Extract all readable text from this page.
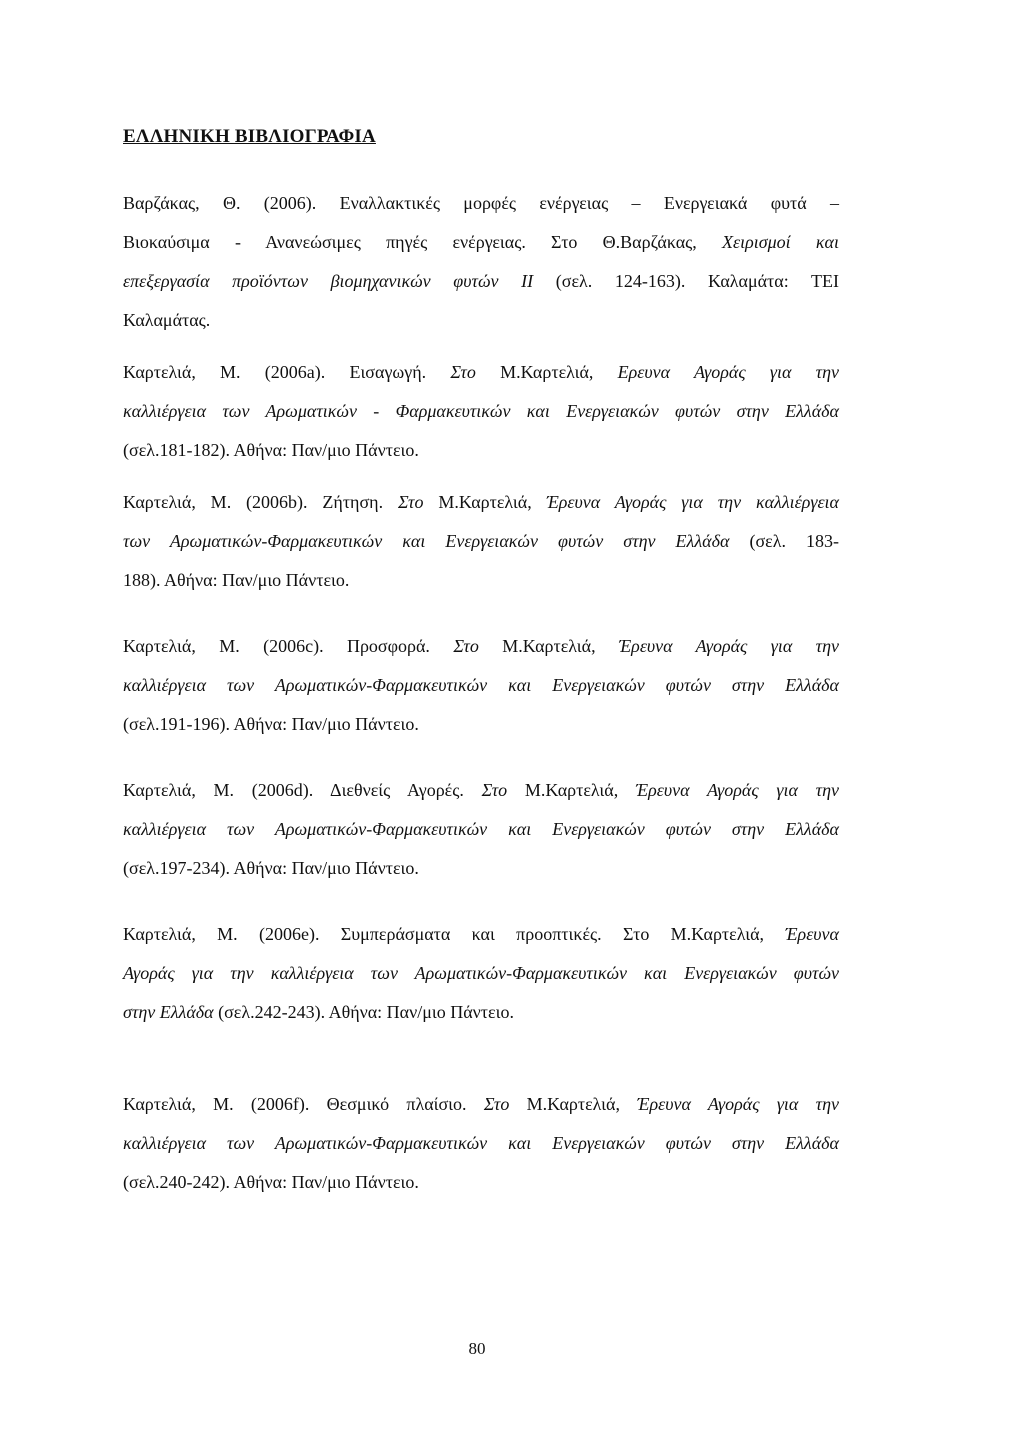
ΕΛΛΗΝΙΚΗ ΒΙΒΛΙΟΓΡΑΦΙΑ
Βαρζάκας, Θ. (2006). Εναλλακτικές μορφές ενέργειας – Ενεργειακά φυτά –
Βιοκαύσιμα - Ανανεώσιμες πηγές ενέργειας. Στο Θ.Βαρζάκας, Χειρισμοί και
επεξεργασία προϊόντων βιομηχανικών φυτών ΙΙ (σελ. 124-163). Καλαμάτα: ΤΕΙ
Καλαμάτας.
Καρτελιά, Μ. (2006a). Εισαγωγή. Στο Μ.Καρτελιά, Ερευνα Αγοράς για την
καλλιέργεια των Αρωματικών - Φαρμακευτικών και Ενεργειακών φυτών στην Ελλάδα
(σελ.181-182). Αθήνα: Παν/μιο Πάντειο.
Καρτελιά, Μ. (2006b). Ζήτηση. Στο Μ.Καρτελιά, Έρευνα Αγοράς για την καλλιέργεια
των Αρωματικών-Φαρμακευτικών και Ενεργειακών φυτών στην Ελλάδα (σελ. 183-
188). Αθήνα: Παν/μιο Πάντειο.
Καρτελιά, Μ. (2006c). Προσφορά. Στο Μ.Καρτελιά, Έρευνα Αγοράς για την
καλλιέργεια των Αρωματικών-Φαρμακευτικών και Ενεργειακών φυτών στην Ελλάδα
(σελ.191-196). Αθήνα: Παν/μιο Πάντειο.
Καρτελιά, Μ. (2006d). Διεθνείς Αγορές. Στο Μ.Καρτελιά, Έρευνα Αγοράς για την
καλλιέργεια των Αρωματικών-Φαρμακευτικών και Ενεργειακών φυτών στην Ελλάδα
(σελ.197-234). Αθήνα: Παν/μιο Πάντειο.
Καρτελιά, Μ. (2006e). Συμπεράσματα και προοπτικές. Στο Μ.Καρτελιά, Έρευνα
Αγοράς για την καλλιέργεια των Αρωματικών-Φαρμακευτικών και Ενεργειακών φυτών
στην Ελλάδα (σελ.242-243). Αθήνα: Παν/μιο Πάντειο.
Καρτελιά, Μ. (2006f). Θεσμικό πλαίσιο. Στο Μ.Καρτελιά, Έρευνα Αγοράς για την
καλλιέργεια των Αρωματικών-Φαρμακευτικών και Ενεργειακών φυτών στην Ελλάδα
(σελ.240-242). Αθήνα: Παν/μιο Πάντειο.
80
